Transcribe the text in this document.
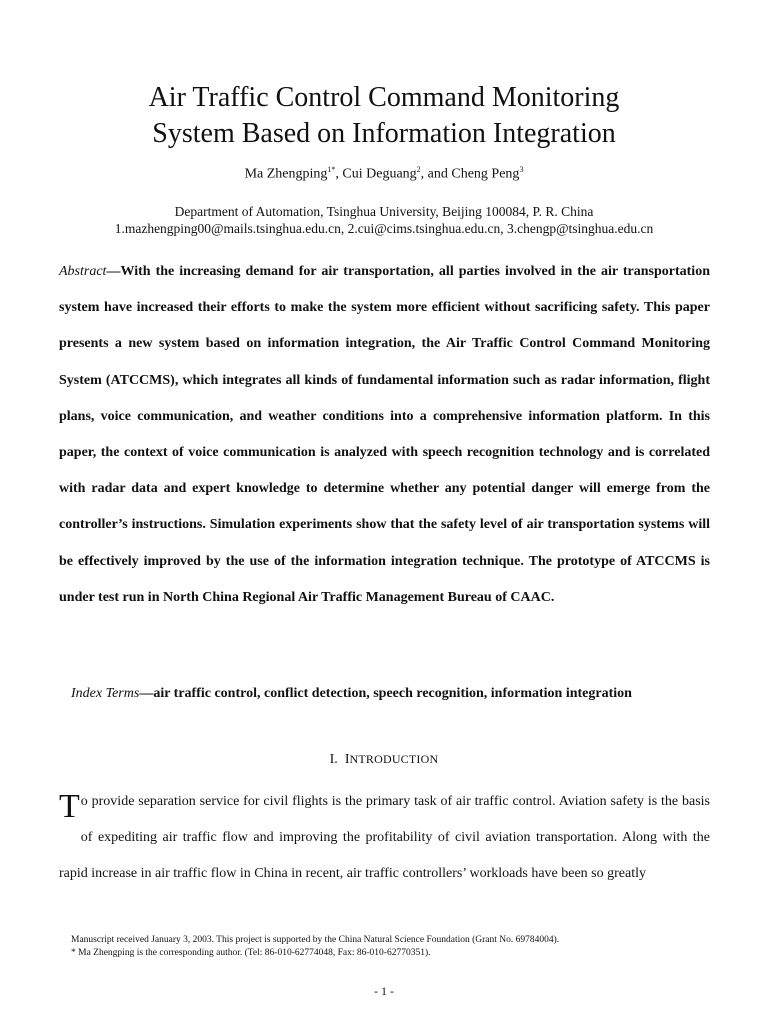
Air Traffic Control Command Monitoring
System Based on Information Integration
Ma Zhengping$^{1*}$, Cui Deguang$^2$, and Cheng Peng$^3$
Department of Automation, Tsinghua University, Beijing 100084, P. R. China
1.mazhengping00@mails.tsinghua.edu.cn, 2.cui@cims.tsinghua.edu.cn, 3.chengp@tsinghua.edu.cn
Abstract—With the increasing demand for air transportation, all parties involved in the air transportation system have increased their efforts to make the system more efficient without sacrificing safety. This paper presents a new system based on information integration, the Air Traffic Control Command Monitoring System (ATCCMS), which integrates all kinds of fundamental information such as radar information, flight plans, voice communication, and weather conditions into a comprehensive information platform. In this paper, the context of voice communication is analyzed with speech recognition technology and is correlated with radar data and expert knowledge to determine whether any potential danger will emerge from the controller’s instructions. Simulation experiments show that the safety level of air transportation systems will be effectively improved by the use of the information integration technique. The prototype of ATCCMS is under test run in North China Regional Air Traffic Management Bureau of CAAC.
Index Terms—air traffic control, conflict detection, speech recognition, information integration
I. INTRODUCTION
To provide separation service for civil flights is the primary task of air traffic control. Aviation safety is the basis of expediting air traffic flow and improving the profitability of civil aviation transportation. Along with the rapid increase in air traffic flow in China in recent, air traffic controllers’ workloads have been so greatly
Manuscript received January 3, 2003. This project is supported by the China Natural Science Foundation (Grant No. 69784004).
* Ma Zhengping is the corresponding author. (Tel: 86-010-62774048, Fax: 86-010-62770351).
- 1 -
